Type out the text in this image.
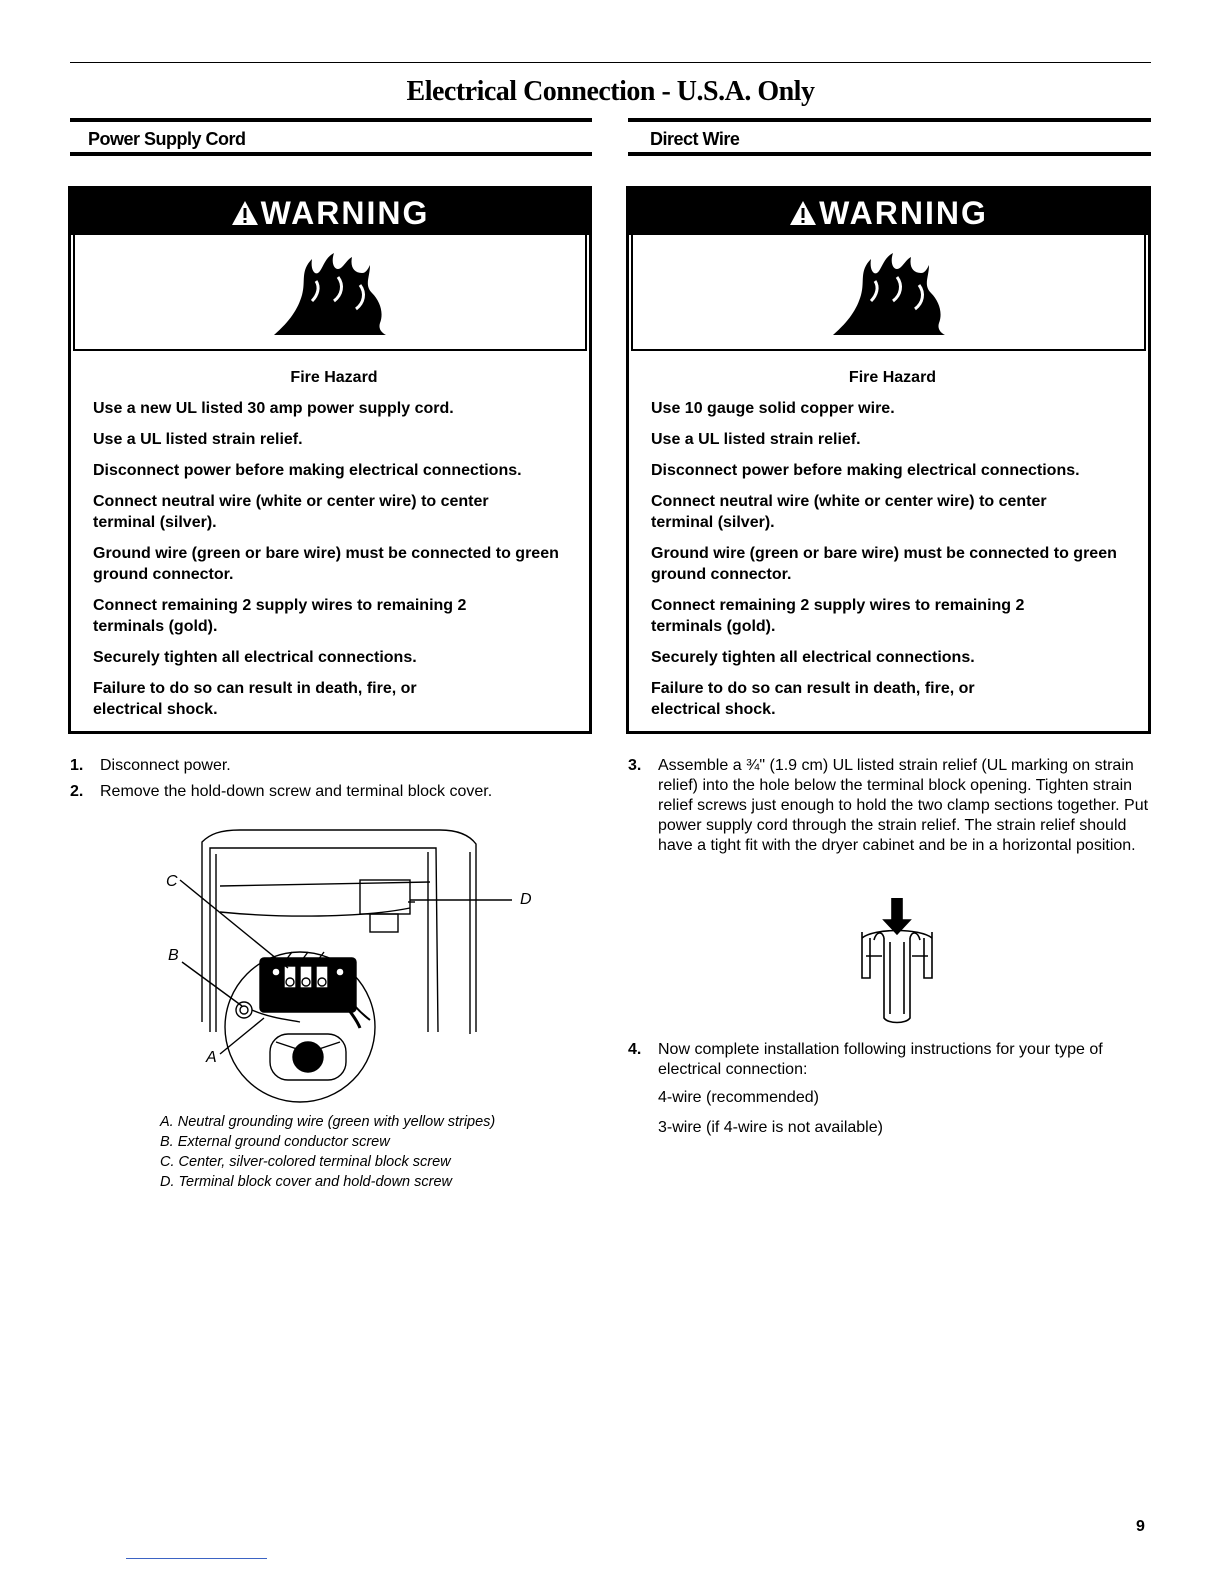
Electrical Connection - U.S.A. Only
Power Supply Cord
WARNING
Fire Hazard

Use a new UL listed 30 amp power supply cord.

Use a UL listed strain relief.

Disconnect power before making electrical connections.

Connect neutral wire (white or center wire) to center terminal (silver).

Ground wire (green or bare wire) must be connected to green ground connector.

Connect remaining 2 supply wires to remaining 2 terminals (gold).

Securely tighten all electrical connections.

Failure to do so can result in death, fire, or electrical shock.

1. Disconnect power.
2. Remove the hold-down screw and terminal block cover.
C
B
A
D
A. Neutral grounding wire (green with yellow stripes)
B. External ground conductor screw
C. Center, silver-colored terminal block screw
D. Terminal block cover and hold-down screw
Direct Wire
WARNING
Fire Hazard

Use 10 gauge solid copper wire.

Use a UL listed strain relief.

Disconnect power before making electrical connections.

Connect neutral wire (white or center wire) to center terminal (silver).

Ground wire (green or bare wire) must be connected to green ground connector.

Connect remaining 2 supply wires to remaining 2 terminals (gold).

Securely tighten all electrical connections.

Failure to do so can result in death, fire, or electrical shock.

3. Assemble a ¾" (1.9 cm) UL listed strain relief (UL marking on strain relief) into the hole below the terminal block opening. Tighten strain relief screws just enough to hold the two clamp sections together. Put power supply cord through the strain relief. The strain relief should have a tight fit with the dryer cabinet and be in a horizontal position.
4. Now complete installation following instructions for your type of electrical connection:
4-wire (recommended)
3-wire (if 4-wire is not available)
9
